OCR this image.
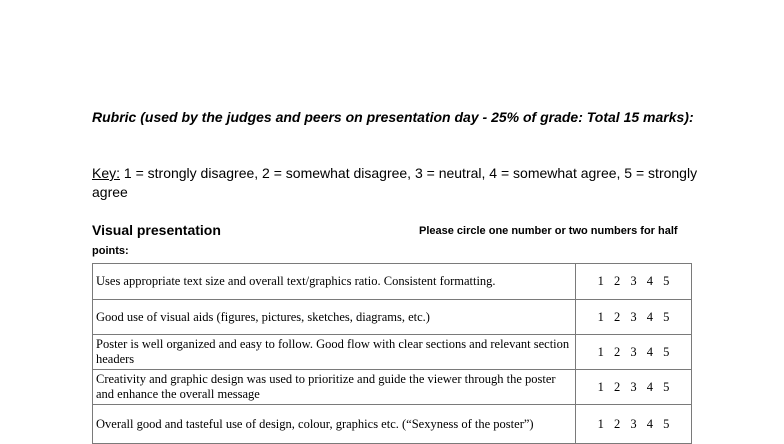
Rubric (used by the judges and peers on presentation day - 25% of grade: Total 15 marks):
Key: 1 = strongly disagree, 2 = somewhat disagree, 3 = neutral, 4 = somewhat agree, 5 = strongly agree
Visual presentation
points:
Please circle one number or two numbers for half
Uses appropriate text size and overall text/graphics ratio. Consistent formatting.	1 2 3 4 5
Good use of visual aids (figures, pictures, sketches, diagrams, etc.)	1 2 3 4 5
Poster is well organized and easy to follow. Good flow with clear sections and relevant section headers	1 2 3 4 5
Creativity and graphic design was used to prioritize and guide the viewer through the poster and enhance the overall message	1 2 3 4 5
Overall good and tasteful use of design, colour, graphics etc. (“Sexyness of the poster”)	1 2 3 4 5
